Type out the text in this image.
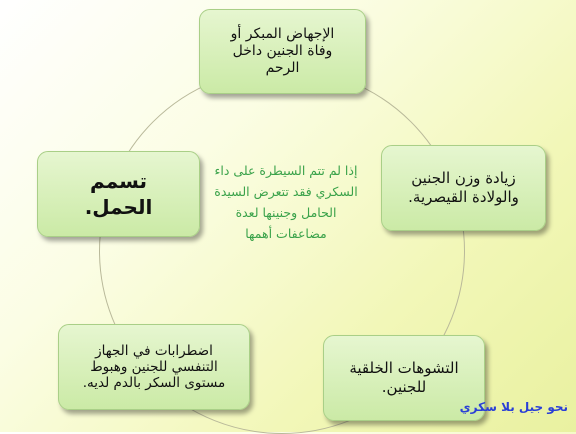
الإجهاض المبكر أو
وفاة الجنين داخل
الرحم
زيادة وزن الجنين
والولادة القيصرية.
تسمم
الحمل.
اضطرابات في الجهاز
التنفسي للجنين وهبوط
مستوى السكر بالدم لديه.
التشوهات الخلقية
للجنين.
إذا لم تتم السيطرة على داء
السكري فقد تتعرض السيدة
الحامل وجنينها لعدة
مضاعفات أهمها
نحو جيل بلا سكري
